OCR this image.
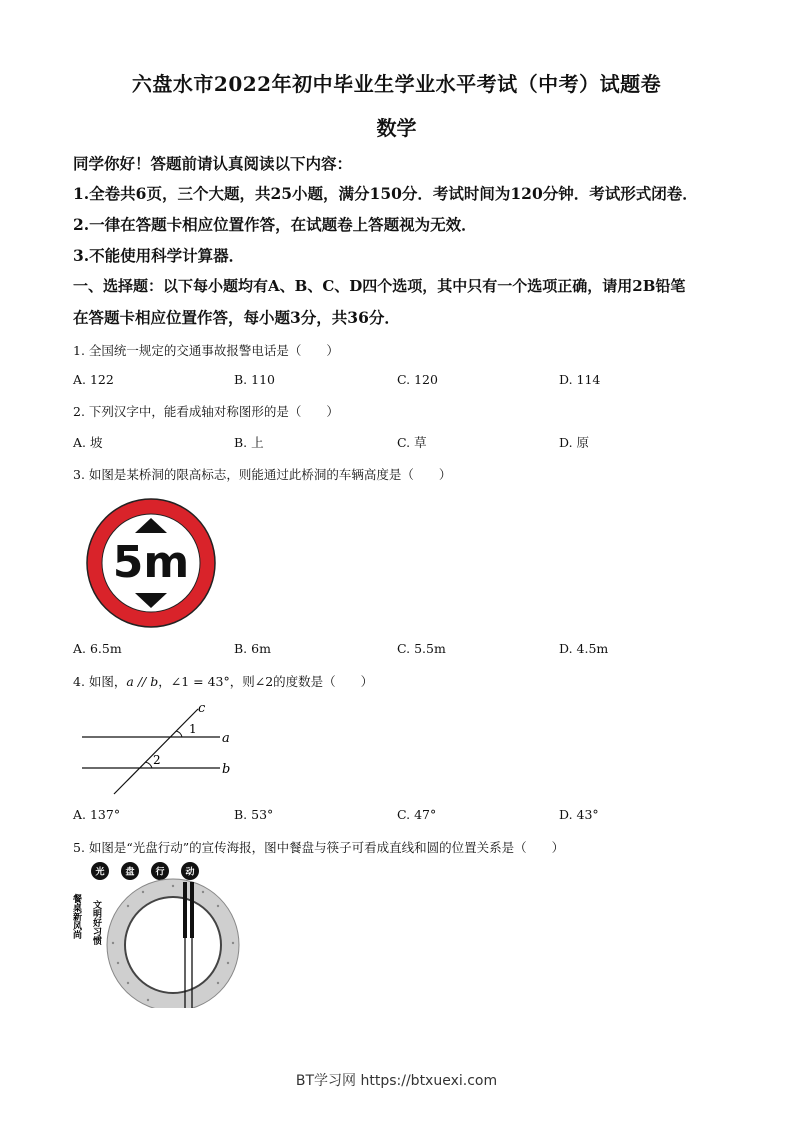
六盘水市2022年初中毕业生学业水平考试（中考）试题卷
数学
同学你好！答题前请认真阅读以下内容：
1.全卷共6页，三个大题，共25小题，满分150分．考试时间为120分钟．考试形式闭卷．
2.一律在答题卡相应位置作答，在试题卷上答题视为无效．
3.不能使用科学计算器．
一、选择题：以下每小题均有A、B、C、D四个选项，其中只有一个选项正确，请用2B铅笔
在答题卡相应位置作答，每小题3分，共36分．
1. 全国统一规定的交通事故报警电话是（　　）
A. 122	B. 110	C. 120	D. 114
2. 下列汉字中，能看成轴对称图形的是（　　）
A. 坡	B. 上	C. 草	D. 原
3. 如图是某桥洞的限高标志，则能通过此桥洞的车辆高度是（　　）
5m
A. 6.5m	B. 6m	C. 5.5m	D. 4.5m
4. 如图，a // b，∠1 = 43°，则∠2的度数是（　　）
c
a
b
1
2
A. 137°	B. 53°	C. 47°	D. 43°
5. 如图是“光盘行动”的宣传海报，图中餐盘与筷子可看成直线和圆的位置关系是（　　）
光 盘 行 动
餐桌新风尚 文明好习惯
BT学习网 https://btxuexi.com
